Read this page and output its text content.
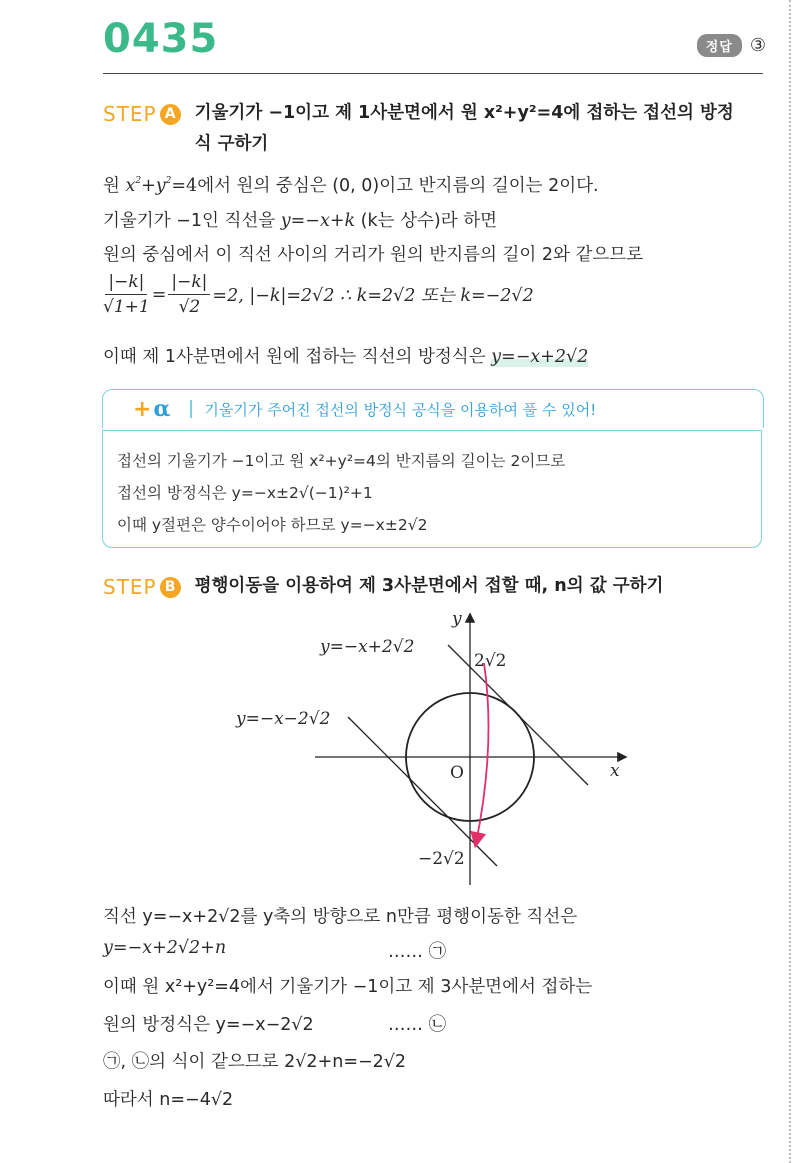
0435	정답 ③
STEP A 기울기가 −1이고 제 1사분면에서 원 x²+y²=4에 접하는 접선의 방정식 구하기
원 $x^2+y^2=4$에서 원의 중심은 (0, 0)이고 반지름의 길이는 2이다.
기울기가 −1인 직선을 y=−x+k (k는 상수)라 하면
원의 중심에서 이 직선 사이의 거리가 원의 반지름의 길이 2와 같으므로
$\frac{|-k|}{√1+1} = \frac{|-k|}{√2} =2$, |−k|=2√2 ∴ k=2√2 또는 k=−2√2
이때 제 1사분면에서 원에 접하는 직선의 방정식은 y=−x+2√2
+ α 기울기가 주어진 접선의 방정식 공식을 이용하여 풀 수 있어!
접선의 기울기가 −1이고 원 x²+y²=4의 반지름의 길이는 2이므로
접선의 방정식은 y=−x±2√(−1)²+1
이때 y절편은 양수이어야 하므로 y=−x±2√2
STEP B 평행이동을 이용하여 제 3사분면에서 접할 때, n의 값 구하기
y=−x+2√2
y=−x−2√2
2√2
−2√2
y
x
O
직선 y=−x+2√2를 y축의 방향으로 n만큼 평행이동한 직선은
y=−x+2√2+n	…… ㉠
이때 원 x²+y²=4에서 기울기가 −1이고 제 3사분면에서 접하는
원의 방정식은 y=−x−2√2	…… ㉡
㉠, ㉡의 식이 같으므로 2√2+n=−2√2
따라서 n=−4√2
